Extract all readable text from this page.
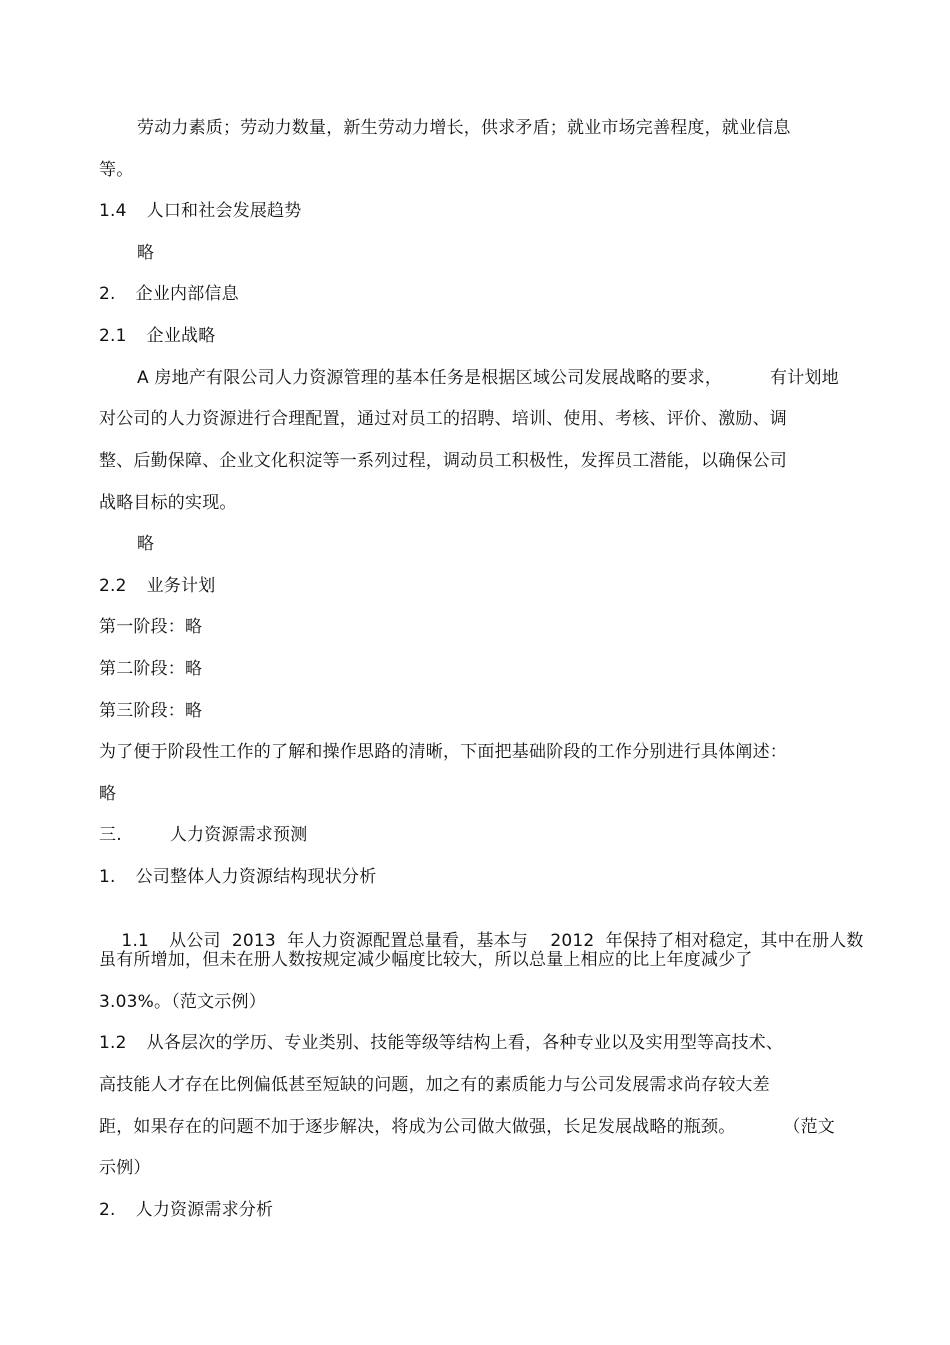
劳动力素质；劳动力数量，新生劳动力增长，供求矛盾；就业市场完善程度，就业信息
等。
1.4 人口和社会发展趋势
略
2. 企业内部信息
2.1 企业战略
A 房地产有限公司人力资源管理的基本任务是根据区域公司发展战略的要求，	有计划地
对公司的人力资源进行合理配置，通过对员工的招聘、培训、使用、考核、评价、激励、调
整、后勤保障、企业文化积淀等一系列过程，调动员工积极性，发挥员工潜能，以确保公司
战略目标的实现。
略
2.2 业务计划
第一阶段：略
第二阶段：略
第三阶段：略
为了便于阶段性工作的了解和操作思路的清晰，下面把基础阶段的工作分别进行具体阐述：
略
三.	人力资源需求预测
1. 公司整体人力资源结构现状分析

1.1 从公司  2013  年人力资源配置总量看，基本与    2012  年保持了相对稳定，其中在册人数

虽有所增加，但未在册人数按规定减少幅度比较大，所以总量上相应的比上年度减少了
3.03%。（范文示例）
1.2 从各层次的学历、专业类别、技能等级等结构上看，各种专业以及实用型等高技术、
高技能人才存在比例偏低甚至短缺的问题，加之有的素质能力与公司发展需求尚存较大差
距，如果存在的问题不加于逐步解决，将成为公司做大做强，长足发展战略的瓶颈。	（范文
示例）
2. 人力资源需求分析
